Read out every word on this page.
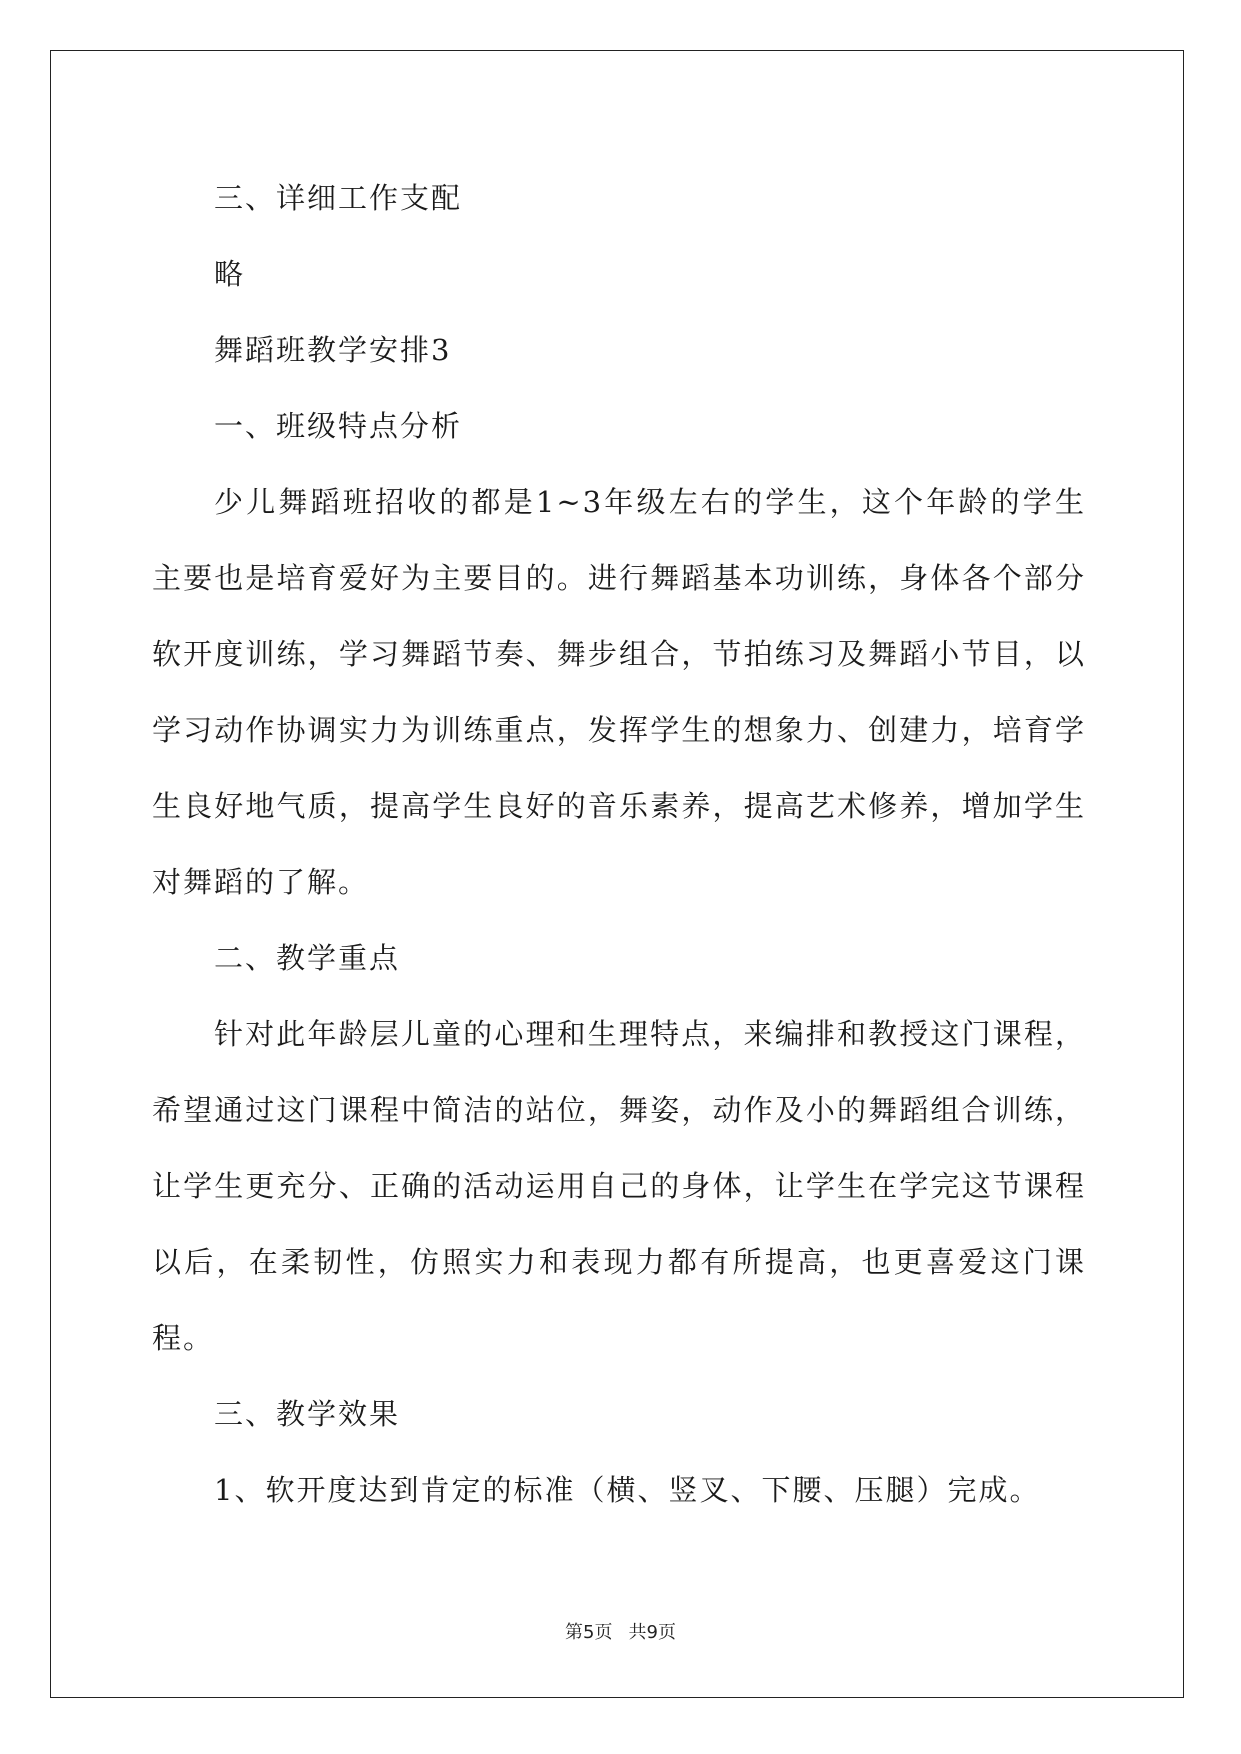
三、详细工作支配

略

舞蹈班教学安排3

一、班级特点分析

少儿舞蹈班招收的都是1~3年级左右的学生，这个年龄的学生主要也是培育爱好为主要目的。进行舞蹈基本功训练，身体各个部分软开度训练，学习舞蹈节奏、舞步组合，节拍练习及舞蹈小节目，以学习动作协调实力为训练重点，发挥学生的想象力、创建力，培育学生良好地气质，提高学生良好的音乐素养，提高艺术修养，增加学生对舞蹈的了解。

二、教学重点

针对此年龄层儿童的心理和生理特点，来编排和教授这门课程，希望通过这门课程中简洁的站位，舞姿，动作及小的舞蹈组合训练，让学生更充分、正确的活动运用自己的身体，让学生在学完这节课程以后，在柔韧性，仿照实力和表现力都有所提高，也更喜爱这门课程。

三、教学效果

1、软开度达到肯定的标准（横、竖叉、下腰、压腿）完成。

第5页 共9页
